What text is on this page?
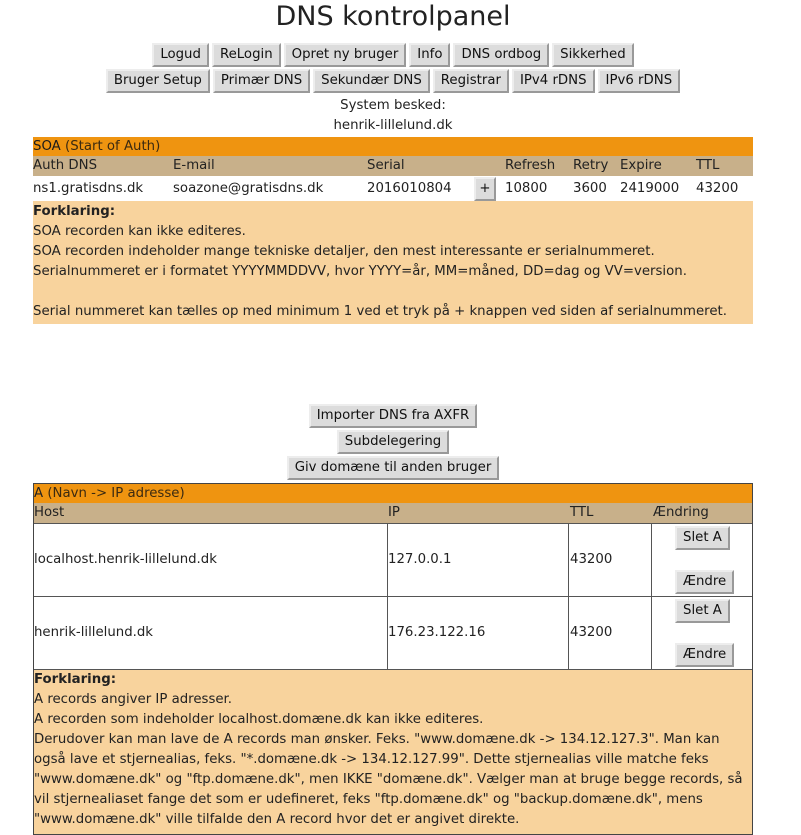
DNS kontrolpanel
Logud ReLogin Opret ny bruger Info DNS ordbog Sikkerhed
Bruger Setup Primær DNS Sekundær DNS Registrar IPv4 rDNS IPv6 rDNS
System besked:
henrik-lillelund.dk
SOA (Start of Auth)
Auth DNS	E-mail	Serial	Refresh Retry Expire	TTL
ns1.gratisdns.dk soazone@gratisdns.dk	2016010804	+	10800 3600 2419000 43200
Forklaring:
SOA recorden kan ikke editeres.
SOA recorden indeholder mange tekniske detaljer, den mest interessante er serialnummeret.
Serialnummeret er i formatet YYYYMMDDVV, hvor YYYY=år, MM=måned, DD=dag og VV=version.
Serial nummeret kan tælles op med minimum 1 ved et tryk på + knappen ved siden af serialnummeret.
Importer DNS fra AXFR
Subdelegering
Giv domæne til anden bruger
A (Navn -> IP adresse)
Host	IP	TTL	Ændring
localhost.henrik-lillelund.dk	127.0.0.1	43200
Slet A
Ændre
henrik-lillelund.dk	176.23.122.16	43200
Slet A
Ændre
Forklaring:
A records angiver IP adresser.
A recorden som indeholder localhost.domæne.dk kan ikke editeres.
Derudover kan man lave de A records man ønsker. Feks. "www.domæne.dk -> 134.12.127.3". Man kan også lave et stjernealias, feks. "*.domæne.dk -> 134.12.127.99". Dette stjernealias ville matche feks "www.domæne.dk" og "ftp.domæne.dk", men IKKE "domæne.dk". Vælger man at bruge begge records, så vil stjernealiaset fange det som er udefineret, feks "ftp.domæne.dk" og "backup.domæne.dk", mens "www.domæne.dk" ville tilfalde den A record hvor det er angivet direkte.
